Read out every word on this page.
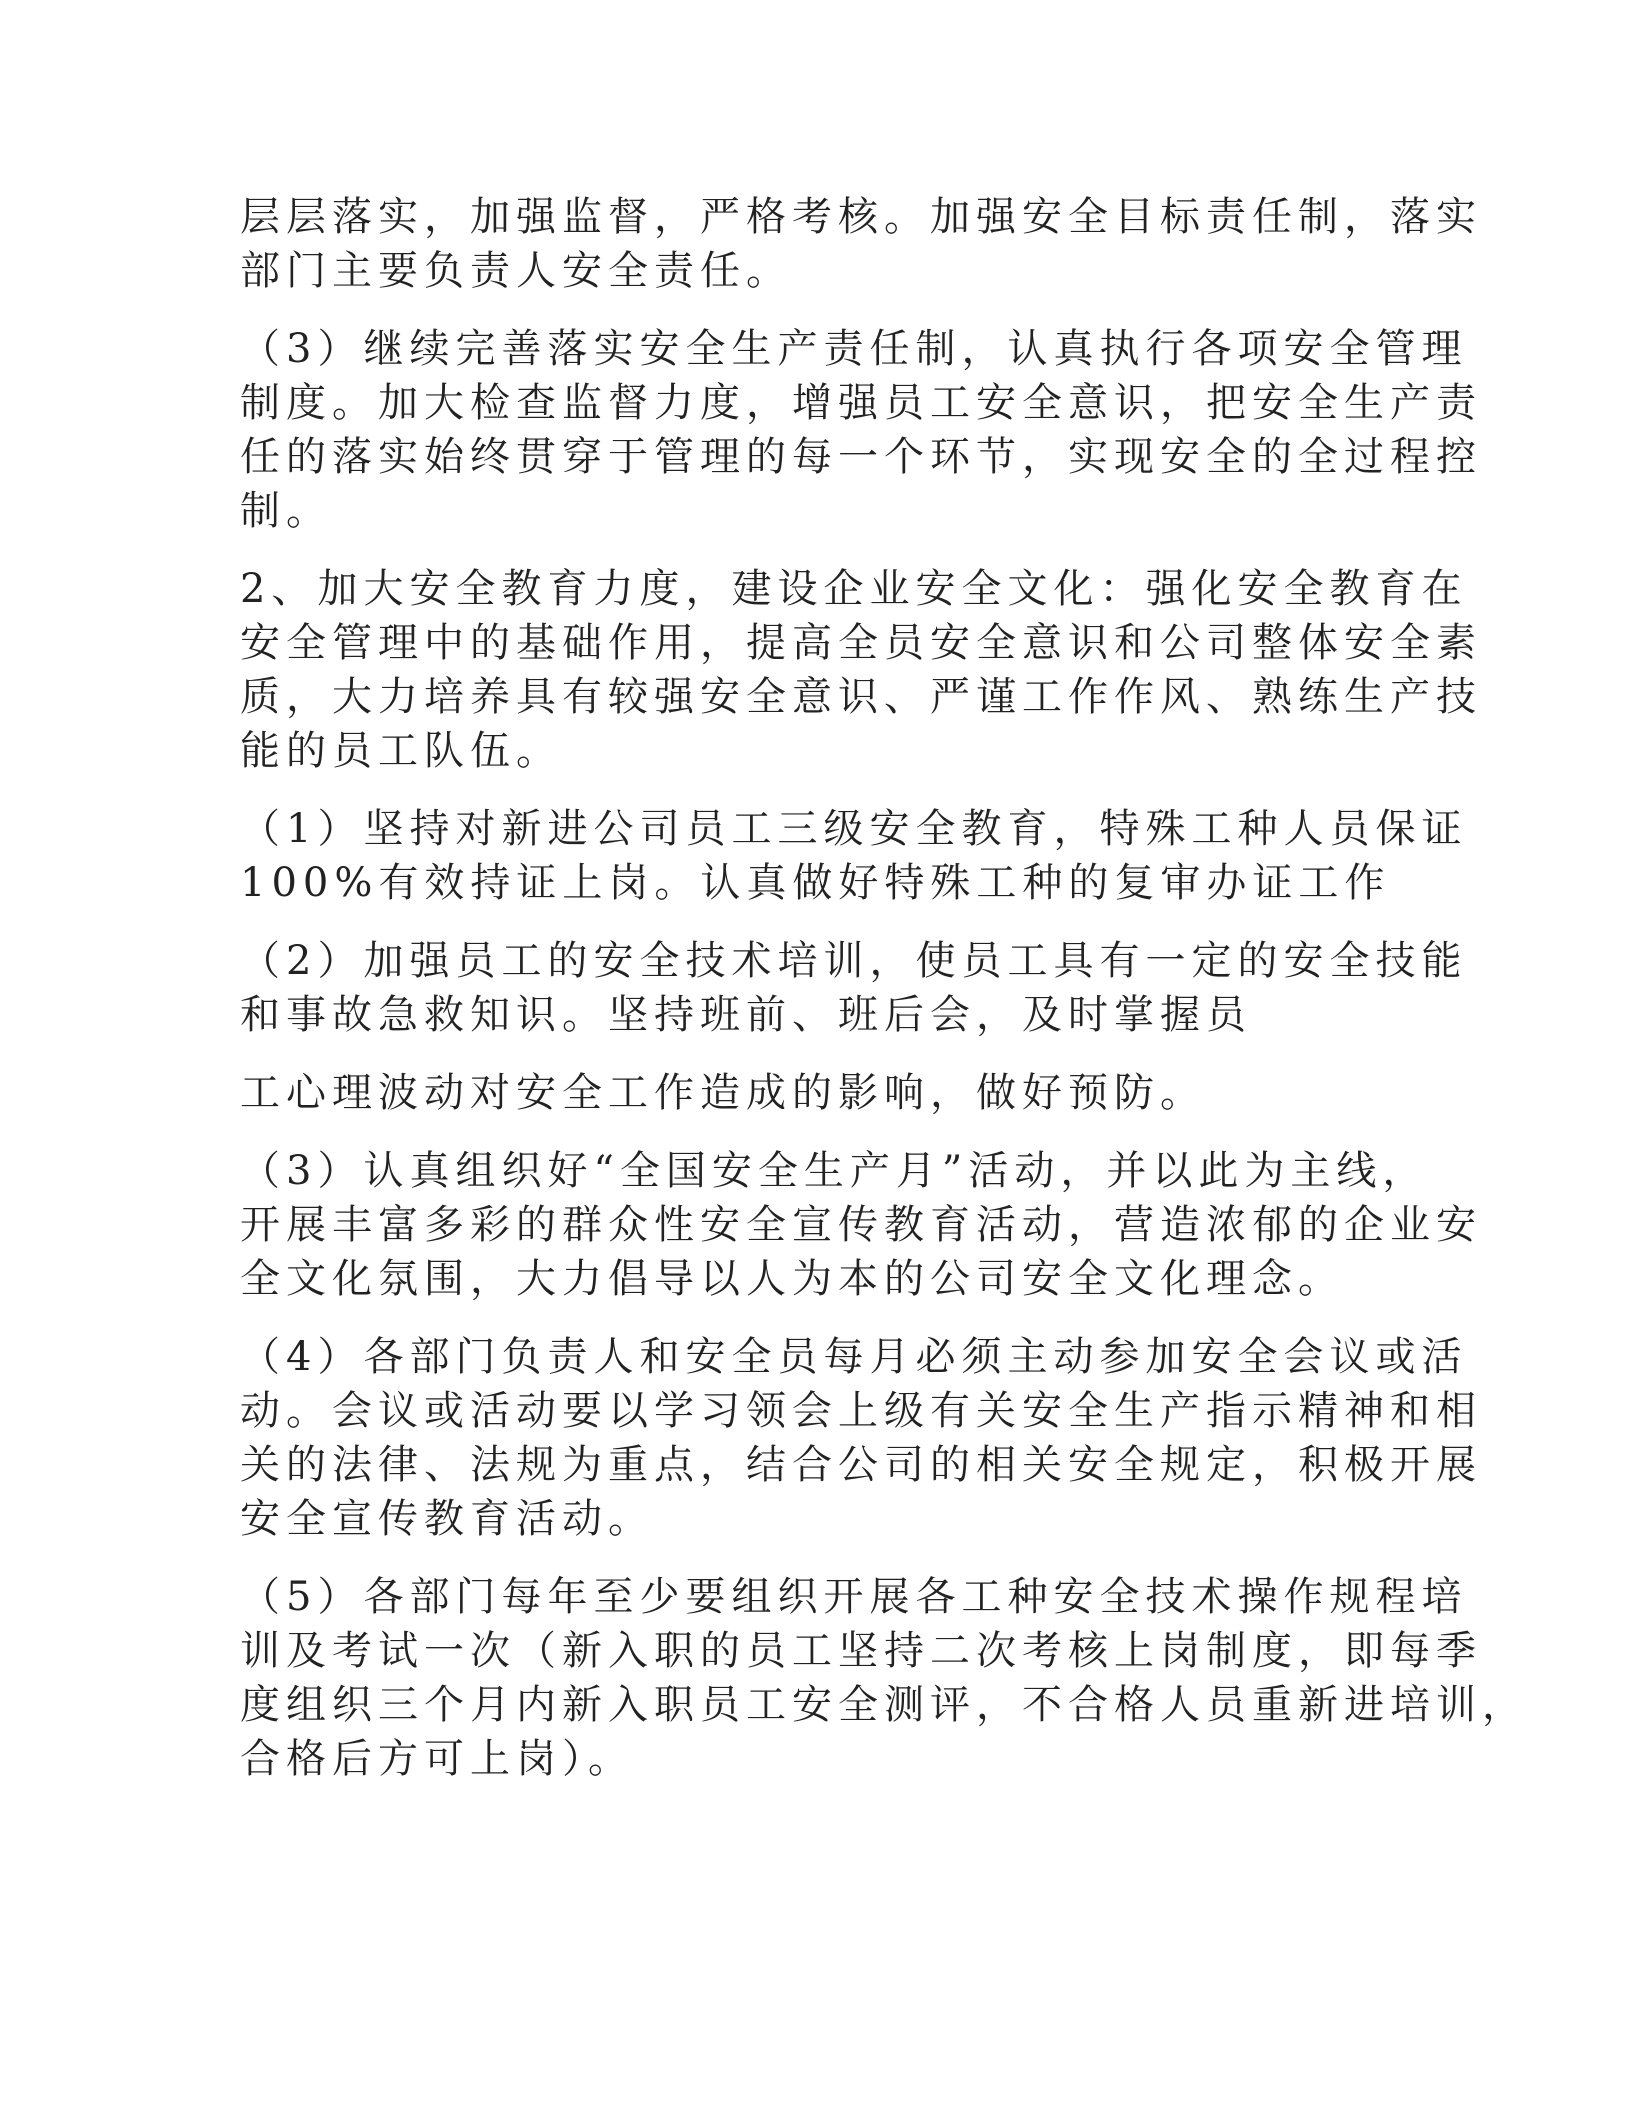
层层落实，加强监督，严格考核。加强安全目标责任制，落实
部门主要负责人安全责任。
（3）继续完善落实安全生产责任制，认真执行各项安全管理
制度。加大检查监督力度，增强员工安全意识，把安全生产责
任的落实始终贯穿于管理的每一个环节，实现安全的全过程控
制。
2、加大安全教育力度，建设企业安全文化：强化安全教育在
安全管理中的基础作用，提高全员安全意识和公司整体安全素
质，大力培养具有较强安全意识、严谨工作作风、熟练生产技
能的员工队伍。
（1）坚持对新进公司员工三级安全教育，特殊工种人员保证
100%有效持证上岗。认真做好特殊工种的复审办证工作
（2）加强员工的安全技术培训，使员工具有一定的安全技能
和事故急救知识。坚持班前、班后会，及时掌握员
工心理波动对安全工作造成的影响，做好预防。
（3）认真组织好“全国安全生产月”活动，并以此为主线，
开展丰富多彩的群众性安全宣传教育活动，营造浓郁的企业安
全文化氛围，大力倡导以人为本的公司安全文化理念。
（4）各部门负责人和安全员每月必须主动参加安全会议或活
动。会议或活动要以学习领会上级有关安全生产指示精神和相
关的法律、法规为重点，结合公司的相关安全规定，积极开展
安全宣传教育活动。
（5）各部门每年至少要组织开展各工种安全技术操作规程培
训及考试一次（新入职的员工坚持二次考核上岗制度，即每季
度组织三个月内新入职员工安全测评，不合格人员重新进培训，
合格后方可上岗）。
